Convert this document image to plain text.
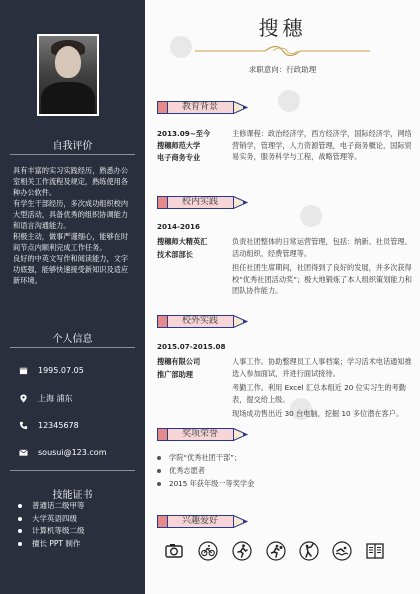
自我评价
具有丰富的实习实践经历，熟悉办公室相关工作流程及规定，熟练使用各种办公软件。
有学生干部经历，多次成功组织校内大型活动，具备优秀的组织协调能力和语言沟通能力。
积极主动，做事严谨细心，能够在时间节点内顺利完成工作任务。
良好的中英文写作和阅读能力，文字功底强，能够快速接受新知识及适应新环境。
个人信息
1995.07.05
上海 浦东
12345678
sousui@123.com
技能证书
普通话二级甲等
大学英语四级
计算机等级二级
擅长 PPT 制作
搜穗
求职意向：行政助理
教育背景
2013.09~至今
搜穗师范大学
电子商务专业
主修课程：政治经济学，西方经济学，国际经济学，网络营销学，管理学，人力资源管理，电子商务概论，国际贸易实务，服务科学与工程，战略管理等。
校内实践
2014-2016
搜穗师大精英汇
技术部部长
负责社团整体的日常运营管理，包括：纳新、社员管理、活动组织、经费管理等。
担任社团生席期间，社团得到了良好的发展，并多次获得校“优秀社团活动奖”；极大地锻炼了本人组织策划能力和团队协作能力。
校外实践
2015.07-2015.08
搜穗有限公司
推广部助理
人事工作。协助整理员工人事档案；学习活术电话通知推选入参加面试，并进行面试接待。
考勤工作。利用 Excel 汇总本组近 20 位实习生的考勤表，提交给上级。
现场成功售出近 30 台电脑，挖掘 10 多位潜在客户。
奖项荣誉
学院“优秀社团干部”；
优秀志愿者
2015 年获年级一等奖学金
兴趣爱好
